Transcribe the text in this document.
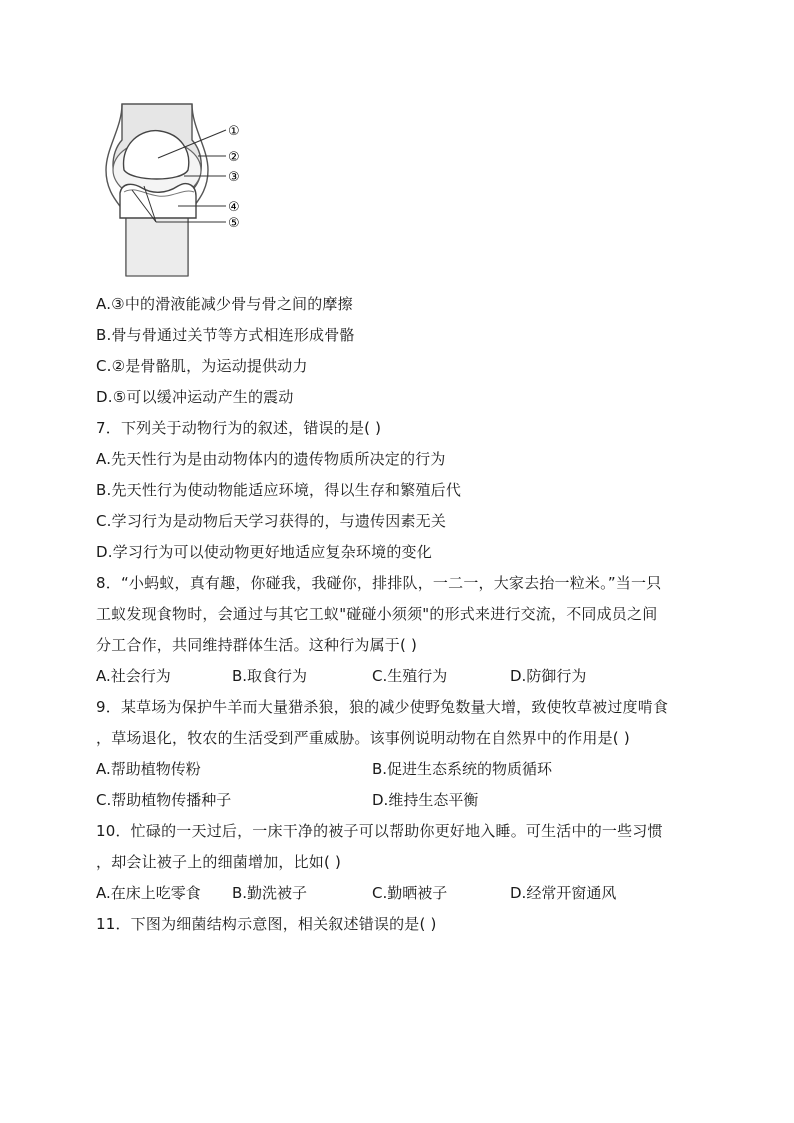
①
②
③
④
⑤
A.③中的滑液能减少骨与骨之间的摩擦
B.骨与骨通过关节等方式相连形成骨骼
C.②是骨骼肌，为运动提供动力
D.⑤可以缓冲运动产生的震动
7．下列关于动物行为的叙述，错误的是( )
A.先天性行为是由动物体内的遗传物质所决定的行为
B.先天性行为使动物能适应环境，得以生存和繁殖后代
C.学习行为是动物后天学习获得的，与遗传因素无关
D.学习行为可以使动物更好地适应复杂环境的变化
8．“小蚂蚁，真有趣，你碰我，我碰你，排排队，一二一，大家去抬一粒米。”当一只
工蚁发现食物时，会通过与其它工蚁"碰碰小须须"的形式来进行交流，不同成员之间
分工合作，共同维持群体生活。这种行为属于( )
A.社会行为	B.取食行为	C.生殖行为	D.防御行为
9．某草场为保护牛羊而大量猎杀狼，狼的减少使野兔数量大增，致使牧草被过度啃食
，草场退化，牧农的生活受到严重威胁。该事例说明动物在自然界中的作用是( )
A.帮助植物传粉	B.促进生态系统的物质循环
C.帮助植物传播种子	D.维持生态平衡
10．忙碌的一天过后，一床干净的被子可以帮助你更好地入睡。可生活中的一些习惯
，却会让被子上的细菌增加，比如( )
A.在床上吃零食 B.勤洗被子	C.勤晒被子	D.经常开窗通风
11．下图为细菌结构示意图，相关叙述错误的是( )
